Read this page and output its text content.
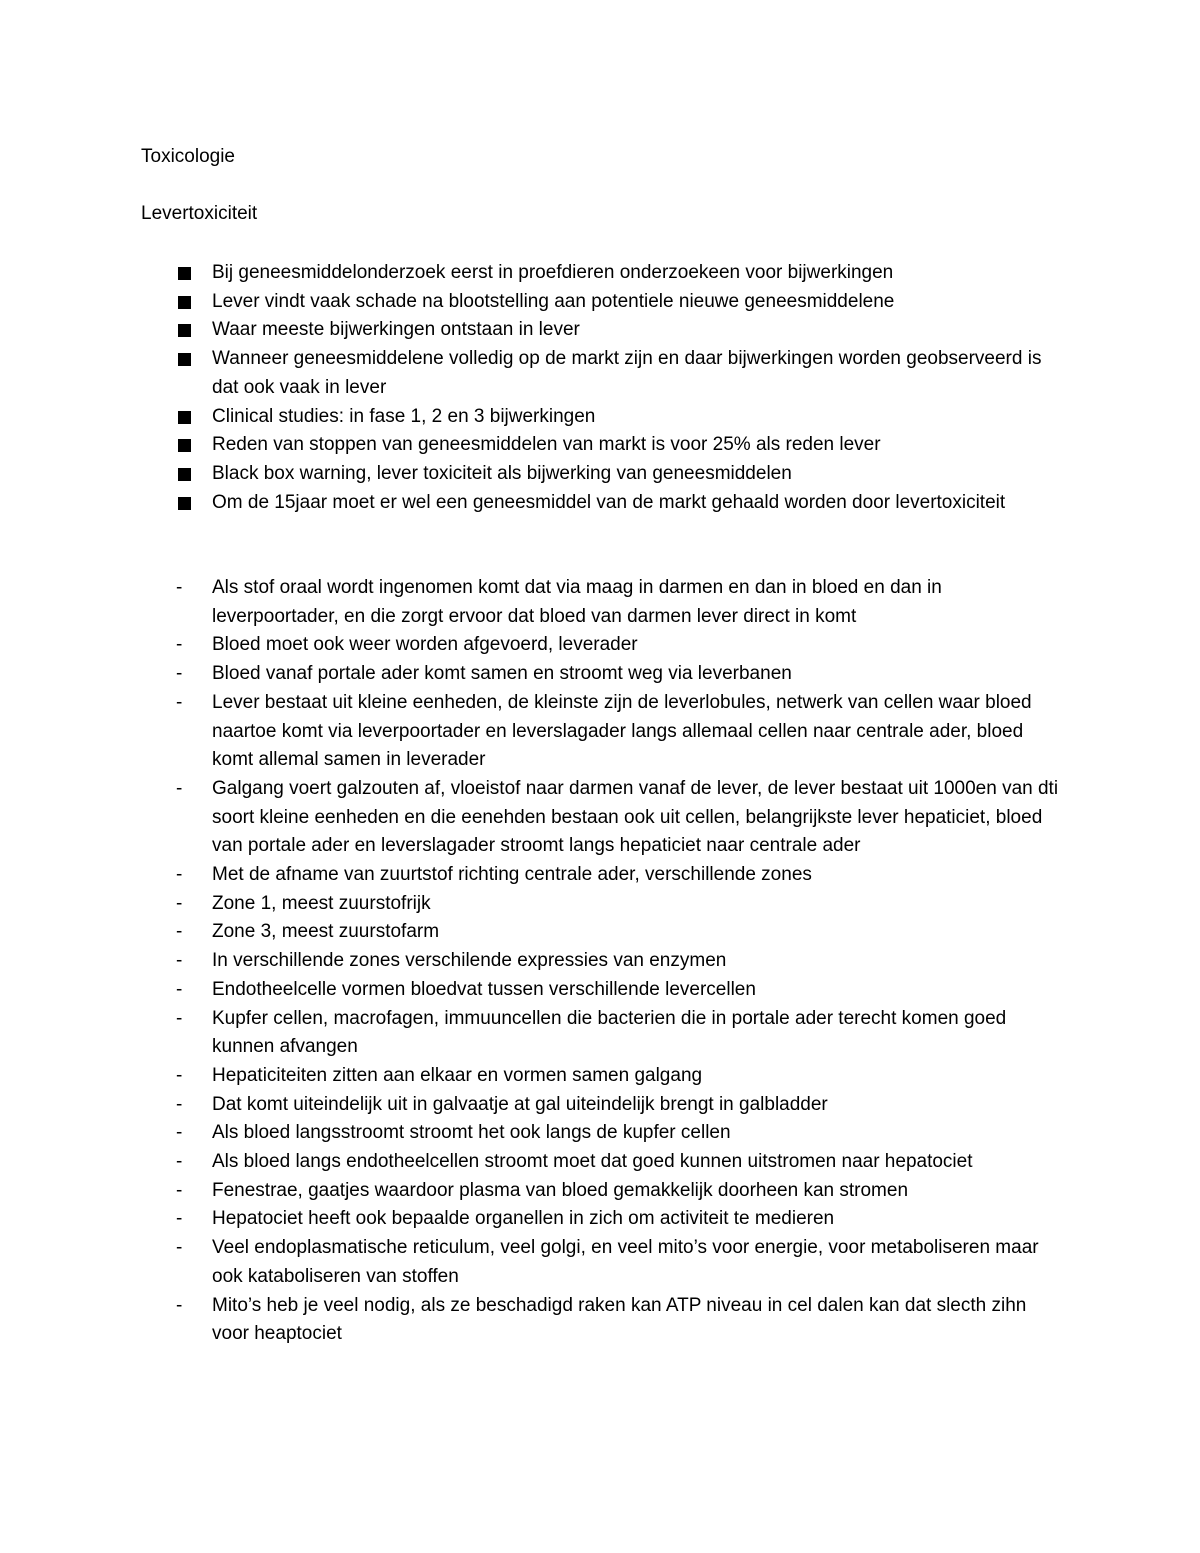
Toxicologie
Levertoxiciteit
Bij geneesmiddelonderzoek eerst in proefdieren onderzoekeen voor bijwerkingen
Lever vindt vaak schade na blootstelling aan potentiele nieuwe geneesmiddelene
Waar meeste bijwerkingen ontstaan in lever
Wanneer geneesmiddelene volledig op de markt zijn en daar bijwerkingen worden geobserveerd is dat ook vaak in lever
Clinical studies: in fase 1, 2 en 3 bijwerkingen
Reden van stoppen van geneesmiddelen van markt is voor 25% als reden lever
Black box warning, lever toxiciteit als bijwerking van geneesmiddelen
Om de 15jaar moet er wel een geneesmiddel van de markt gehaald worden door levertoxiciteit
-	Als stof oraal wordt ingenomen komt dat via maag in darmen en dan in bloed en dan in leverpoortader, en die zorgt ervoor dat bloed van darmen lever direct in komt
-	Bloed moet ook weer worden afgevoerd, leverader
-	Bloed vanaf portale ader komt samen en stroomt weg via leverbanen
-	Lever bestaat uit kleine eenheden, de kleinste zijn de leverlobules, netwerk van cellen waar bloed naartoe komt via leverpoortader en leverslagader langs allemaal cellen naar centrale ader, bloed komt allemal samen in leverader
-	Galgang voert galzouten af, vloeistof naar darmen vanaf de lever, de lever bestaat uit 1000en van dti soort kleine eenheden en die eenehden bestaan ook uit cellen, belangrijkste lever hepaticiet, bloed van portale ader en leverslagader stroomt langs hepaticiet naar centrale ader
-	Met de afname van zuurtstof richting centrale ader, verschillende zones
-	Zone 1, meest zuurstofrijk
-	Zone 3, meest zuurstofarm
-	In verschillende zones verschilende expressies van enzymen
-	Endotheelcelle vormen bloedvat tussen verschillende levercellen
-	Kupfer cellen, macrofagen, immuuncellen die bacterien die in portale ader terecht komen goed kunnen afvangen
-	Hepaticiteiten zitten aan elkaar en vormen samen galgang
-	Dat komt uiteindelijk uit in galvaatje at gal uiteindelijk brengt in galbladder
-	Als bloed langsstroomt stroomt het ook langs de kupfer cellen
-	Als bloed langs endotheelcellen stroomt moet dat goed kunnen uitstromen naar hepatociet
-	Fenestrae, gaatjes waardoor plasma van bloed gemakkelijk doorheen kan stromen
-	Hepatociet heeft ook bepaalde organellen in zich om activiteit te medieren
-	Veel endoplasmatische reticulum, veel golgi, en veel mito’s voor energie, voor metaboliseren maar ook kataboliseren van stoffen
-	Mito’s heb je veel nodig, als ze beschadigd raken kan ATP niveau in cel dalen kan dat slecth zihn voor heaptociet
